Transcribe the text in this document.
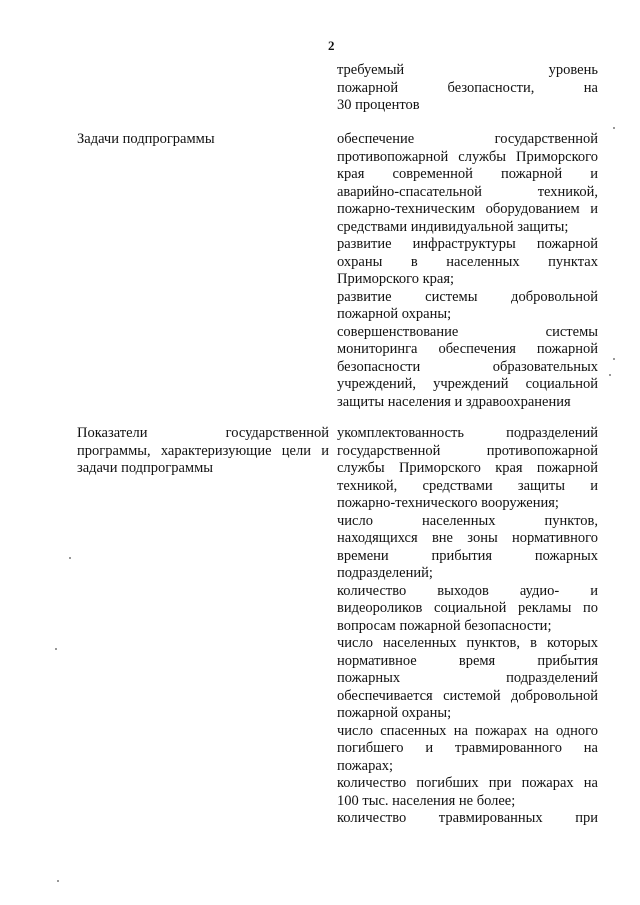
2
требуемый уровень
пожарной безопасности, на
30 процентов
Задачи подпрограммы	обеспечение государственной
противопожарной службы Приморского
края современной пожарной и
аварийно-спасательной техникой,
пожарно-техническим оборудованием и
средствами индивидуальной защиты;
развитие инфраструктуры пожарной
охраны в населенных пунктах
Приморского края;
развитие системы добровольной
пожарной охраны;
совершенствование системы
мониторинга обеспечения пожарной
безопасности образовательных
учреждений, учреждений социальной
защиты населения и здравоохранения
Показатели государственной
программы, характеризующие цели и
задачи подпрограммы
укомплектованность подразделений
государственной противопожарной
службы Приморского края пожарной
техникой, средствами защиты и
пожарно-технического вооружения;
число населенных пунктов,
находящихся вне зоны нормативного
времени прибытия пожарных
подразделений;
количество выходов аудио- и
видеороликов социальной рекламы по
вопросам пожарной безопасности;
число населенных пунктов, в которых
нормативное время прибытия
пожарных подразделений
обеспечивается системой добровольной
пожарной охраны;
число спасенных на пожарах на одного
погибшего и травмированного на
пожарах;
количество погибших при пожарах на
100 тыс. населения не более;
количество травмированных при
